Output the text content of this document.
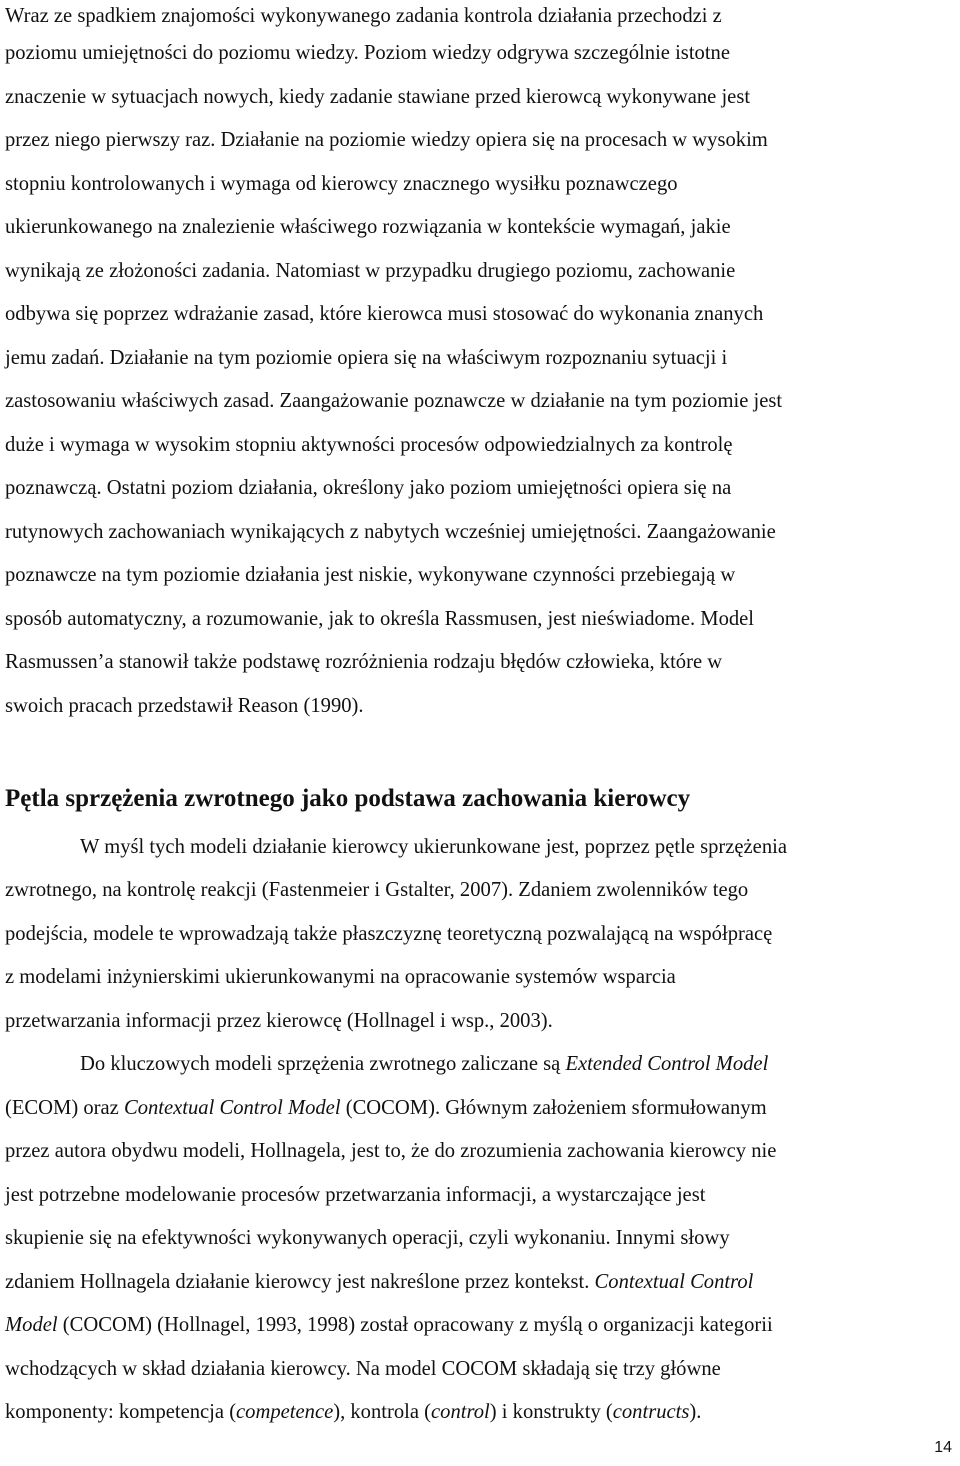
Wraz ze spadkiem znajomości wykonywanego zadania kontrola działania przechodzi z
poziomu umiejętności do poziomu wiedzy. Poziom wiedzy odgrywa szczególnie istotne
znaczenie w sytuacjach nowych, kiedy zadanie stawiane przed kierowcą wykonywane jest
przez niego pierwszy raz. Działanie na poziomie wiedzy opiera się na procesach w wysokim
stopniu kontrolowanych i wymaga od kierowcy znacznego wysiłku poznawczego
ukierunkowanego na znalezienie właściwego rozwiązania w kontekście wymagań, jakie
wynikają ze złożoności zadania. Natomiast w przypadku drugiego poziomu, zachowanie
odbywa się poprzez wdrażanie zasad, które kierowca musi stosować do wykonania znanych
jemu zadań. Działanie na tym poziomie opiera się na właściwym rozpoznaniu sytuacji i
zastosowaniu właściwych zasad. Zaangażowanie poznawcze w działanie na tym poziomie jest
duże i wymaga w wysokim stopniu aktywności procesów odpowiedzialnych za kontrolę
poznawczą. Ostatni poziom działania, określony jako poziom umiejętności opiera się na
rutynowych zachowaniach wynikających z nabytych wcześniej umiejętności. Zaangażowanie
poznawcze na tym poziomie działania jest niskie, wykonywane czynności przebiegają w
sposób automatyczny, a rozumowanie, jak to określa Rassmusen, jest nieświadome. Model
Rasmussen’a stanowił także podstawę rozróżnienia rodzaju błędów człowieka, które w
swoich pracach przedstawił Reason (1990).
Pętla sprzężenia zwrotnego jako podstawa zachowania kierowcy
W myśl tych modeli działanie kierowcy ukierunkowane jest, poprzez pętle sprzężenia
zwrotnego, na kontrolę reakcji (Fastenmeier i Gstalter, 2007). Zdaniem zwolenników tego
podejścia, modele te wprowadzają także płaszczyznę teoretyczną pozwalającą na współpracę
z modelami inżynierskimi ukierunkowanymi na opracowanie systemów wsparcia
przetwarzania informacji przez kierowcę (Hollnagel i wsp., 2003).
Do kluczowych modeli sprzężenia zwrotnego zaliczane są Extended Control Model
(ECOM) oraz Contextual Control Model (COCOM). Głównym założeniem sformułowanym
przez autora obydwu modeli, Hollnagela, jest to, że do zrozumienia zachowania kierowcy nie
jest potrzebne modelowanie procesów przetwarzania informacji, a wystarczające jest
skupienie się na efektywności wykonywanych operacji, czyli wykonaniu. Innymi słowy
zdaniem Hollnagela działanie kierowcy jest nakreślone przez kontekst. Contextual Control
Model (COCOM) (Hollnagel, 1993, 1998) został opracowany z myślą o organizacji kategorii
wchodzących w skład działania kierowcy. Na model COCOM składają się trzy główne
komponenty: kompetencja (competence), kontrola (control) i konstrukty (contructs).
14
